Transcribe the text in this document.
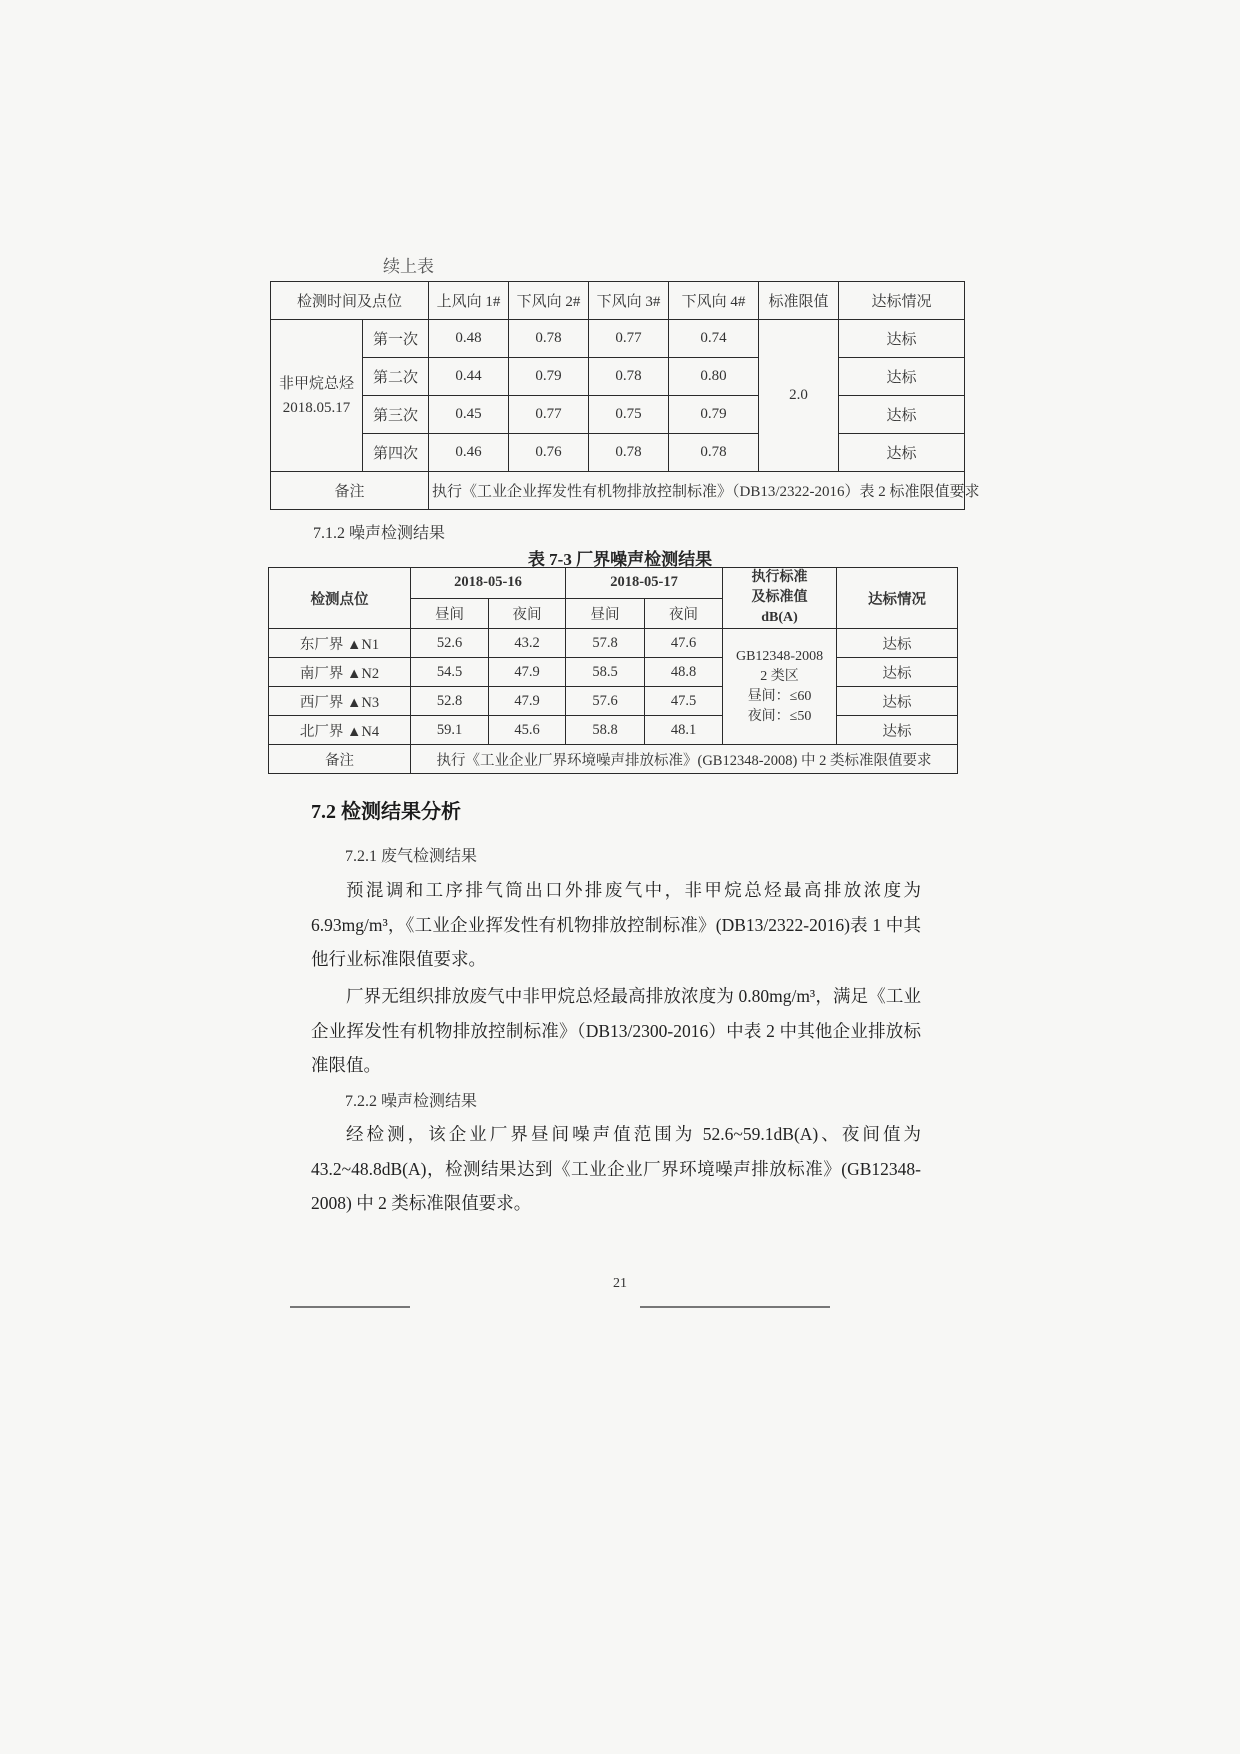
续上表
检测时间及点位		上风向 1#	下风向 2#	下风向 3#	下风向 4#	标准限值	达标情况

非甲烷总烃
2018.05.17	第一次	0.48	0.78	0.77	0.74	2.0	达标
	第二次	0.44	0.79	0.78	0.80		达标
	第三次	0.45	0.77	0.75	0.79		达标
	第四次	0.46	0.76	0.78	0.78		达标
备注		执行《工业企业挥发性有机物排放控制标准》（DB13/2322-2016）表 2 标准限值要求					
7.1.2 噪声检测结果
表 7-3 厂界噪声检测结果
检测点位	2018-05-16		2018-05-17		执行标准
及标准值
dB(A)	达标情况
	昼间	夜间	昼间	夜间		
东厂界 ▲N1	52.6	43.2	57.8	47.6	GB12348-2008
2 类区
昼间：≤60
夜间：≤50	达标
南厂界 ▲N2	54.5	47.9	58.5	48.8		达标
西厂界 ▲N3	52.8	47.9	57.6	47.5		达标
北厂界 ▲N4	59.1	45.6	58.8	48.1		达标
备注	执行《工业企业厂界环境噪声排放标准》(GB12348-2008) 中 2 类标准限值要求					
7.2 检测结果分析
7.2.1 废气检测结果
预混调和工序排气筒出口外排废气中，非甲烷总烃最高排放浓度为 6.93mg/m³，《工业企业挥发性有机物排放控制标准》(DB13/2322-2016)表 1 中其他行业标准限值要求。
厂界无组织排放废气中非甲烷总烃最高排放浓度为 0.80mg/m³，满足《工业企业挥发性有机物排放控制标准》（DB13/2300-2016）中表 2 中其他企业排放标准限值。
7.2.2 噪声检测结果
经检测，该企业厂界昼间噪声值范围为 52.6~59.1dB(A)、夜间值为 43.2~48.8dB(A)，检测结果达到《工业企业厂界环境噪声排放标准》(GB12348-2008) 中 2 类标准限值要求。
21
